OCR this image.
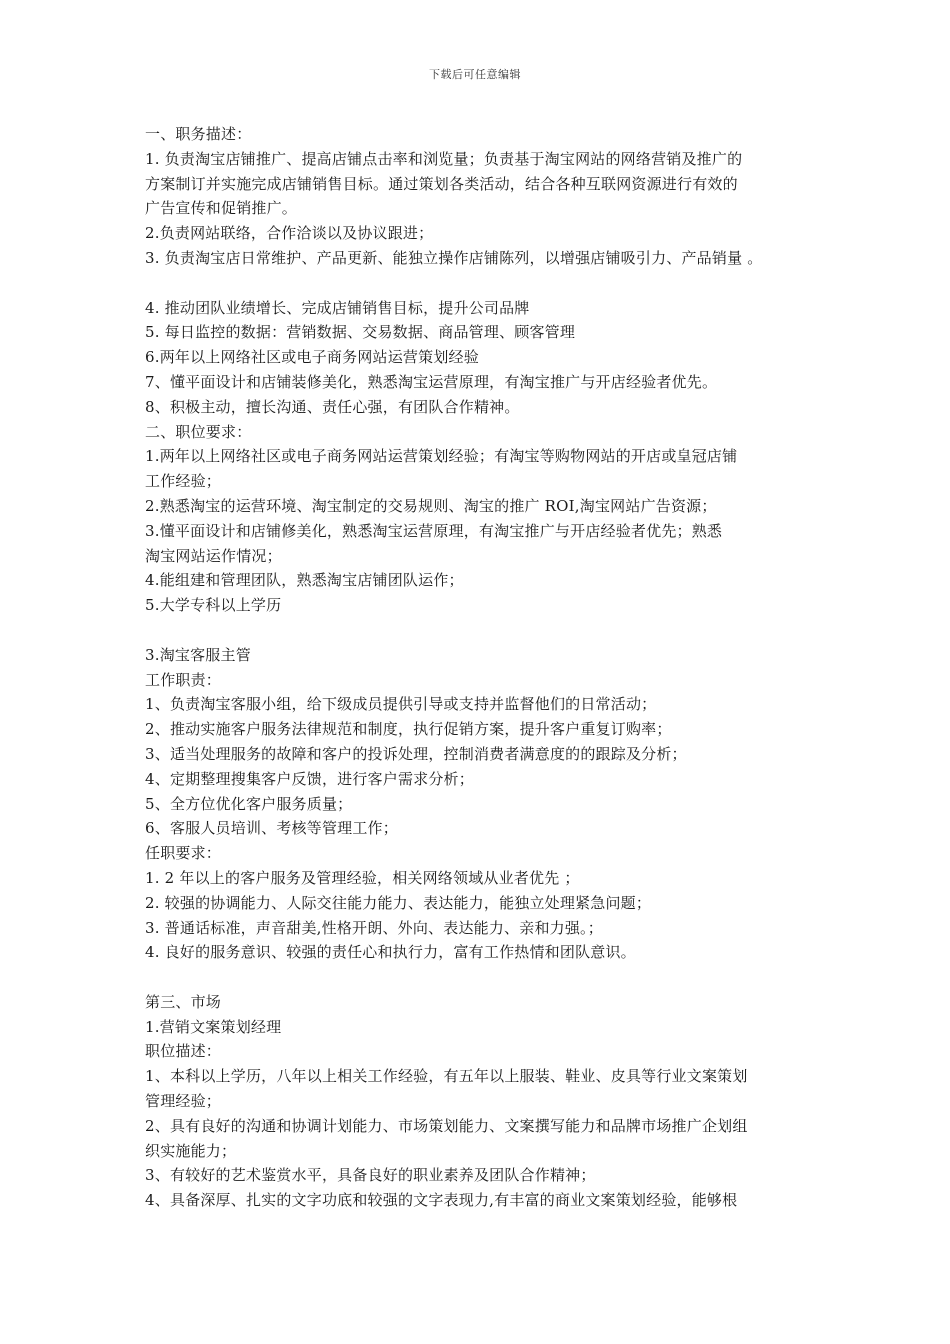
下载后可任意编辑
一、职务描述：
1. 负责淘宝店铺推广、提高店铺点击率和浏览量；负责基于淘宝网站的网络营销及推广的
方案制订并实施完成店铺销售目标。通过策划各类活动，结合各种互联网资源进行有效的
广告宣传和促销推广。
2.负责网站联络，合作洽谈以及协议跟进；
3. 负责淘宝店日常维护、产品更新、能独立操作店铺陈列，以增强店铺吸引力、产品销量 。
4. 推动团队业绩增长、完成店铺销售目标，提升公司品牌
5. 每日监控的数据：营销数据、交易数据、商品管理、顾客管理
6.两年以上网络社区或电子商务网站运营策划经验
7、懂平面设计和店铺装修美化，熟悉淘宝运营原理，有淘宝推广与开店经验者优先。
8、积极主动，擅长沟通、责任心强，有团队合作精神。
二、职位要求：
1.两年以上网络社区或电子商务网站运营策划经验；有淘宝等购物网站的开店或皇冠店铺
工作经验；
2.熟悉淘宝的运营环境、淘宝制定的交易规则、淘宝的推广 ROI,淘宝网站广告资源；
3.懂平面设计和店铺修美化，熟悉淘宝运营原理，有淘宝推广与开店经验者优先；熟悉
淘宝网站运作情况；
4.能组建和管理团队，熟悉淘宝店铺团队运作；
5.大学专科以上学历
3.淘宝客服主管
工作职责：
1、负责淘宝客服小组，给下级成员提供引导或支持并监督他们的日常活动；
2、推动实施客户服务法律规范和制度，执行促销方案，提升客户重复订购率；
3、适当处理服务的故障和客户的投诉处理，控制消费者满意度的的跟踪及分析；
4、定期整理搜集客户反馈，进行客户需求分析；
5、全方位优化客户服务质量；
6、客服人员培训、考核等管理工作；
任职要求：
1. 2 年以上的客户服务及管理经验，相关网络领域从业者优先 ；
2. 较强的协调能力、人际交往能力能力、表达能力，能独立处理紧急问题；
3. 普通话标准，声音甜美,性格开朗、外向、表达能力、亲和力强。；
4. 良好的服务意识、较强的责任心和执行力，富有工作热情和团队意识。
第三、市场
1.营销文案策划经理
职位描述：
1、本科以上学历，八年以上相关工作经验，有五年以上服装、鞋业、皮具等行业文案策划
管理经验；
2、具有良好的沟通和协调计划能力、市场策划能力、文案撰写能力和品牌市场推广企划组
织实施能力；
3、有较好的艺术鉴赏水平，具备良好的职业素养及团队合作精神；
4、具备深厚、扎实的文字功底和较强的文字表现力,有丰富的商业文案策划经验，能够根
